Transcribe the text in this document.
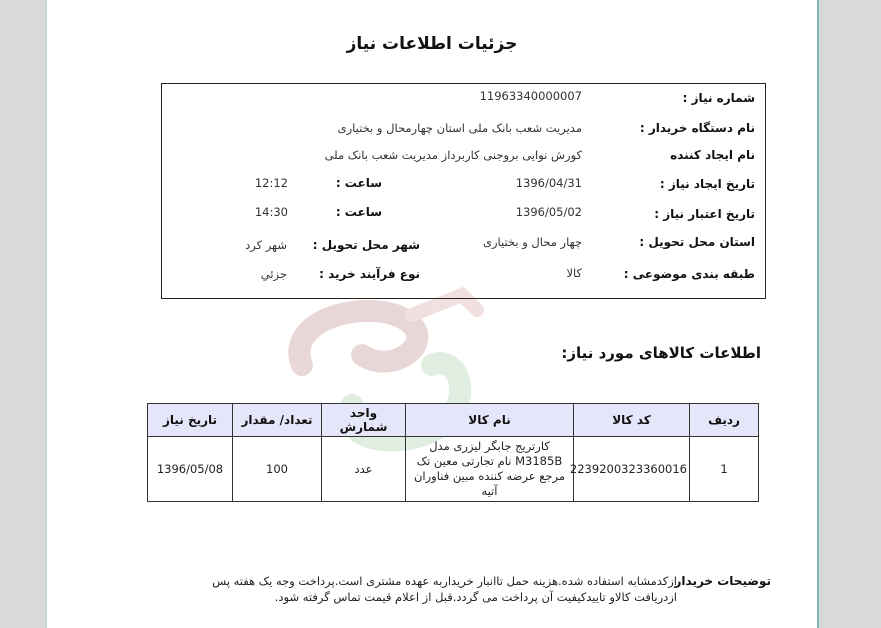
جزئیات اطلاعات نیاز
شماره نیاز :
11963340000007
نام دستگاه خریدار :
مدیریت شعب بانک ملی استان چهارمحال و بختیاری
نام ایجاد کننده
کورش نوایی بروجنی کاربرداز مدیریت شعب بانک ملی
تاریخ ایجاد نیاز :
1396/04/31
ساعت :
12:12
تاریخ اعتبار نیاز :
1396/05/02
ساعت :
14:30
استان محل تحویل :
چهار محال و بختیاری
شهر محل تحویل :
شهر کرد
طبقه بندی موضوعی :
کالا
نوع فرآیند خرید :
جزئي
اطلاعات کالاهای مورد نیاز:
ردیف	کد کالا	نام کالا	واحد شمارش	تعداد/ مقدار	تاریخ نیاز
1	2239200323360016	کارتریج جابگر لیزری مدل M3185B نام تجارتی معین تک مرجع عرضه کننده مبین فناوران آتیه	عدد	100	1396/05/08
توضیحات خریدار
ازکدمشابه استفاده شده.هزینه حمل تاانبار خریداربه عهده مشتری است.پرداخت وجه یک هفته پس ازدریافت کالاو تاییدکیفیت آن پرداخت می گردد.قبل از اعلام قیمت تماس گرفته شود.
